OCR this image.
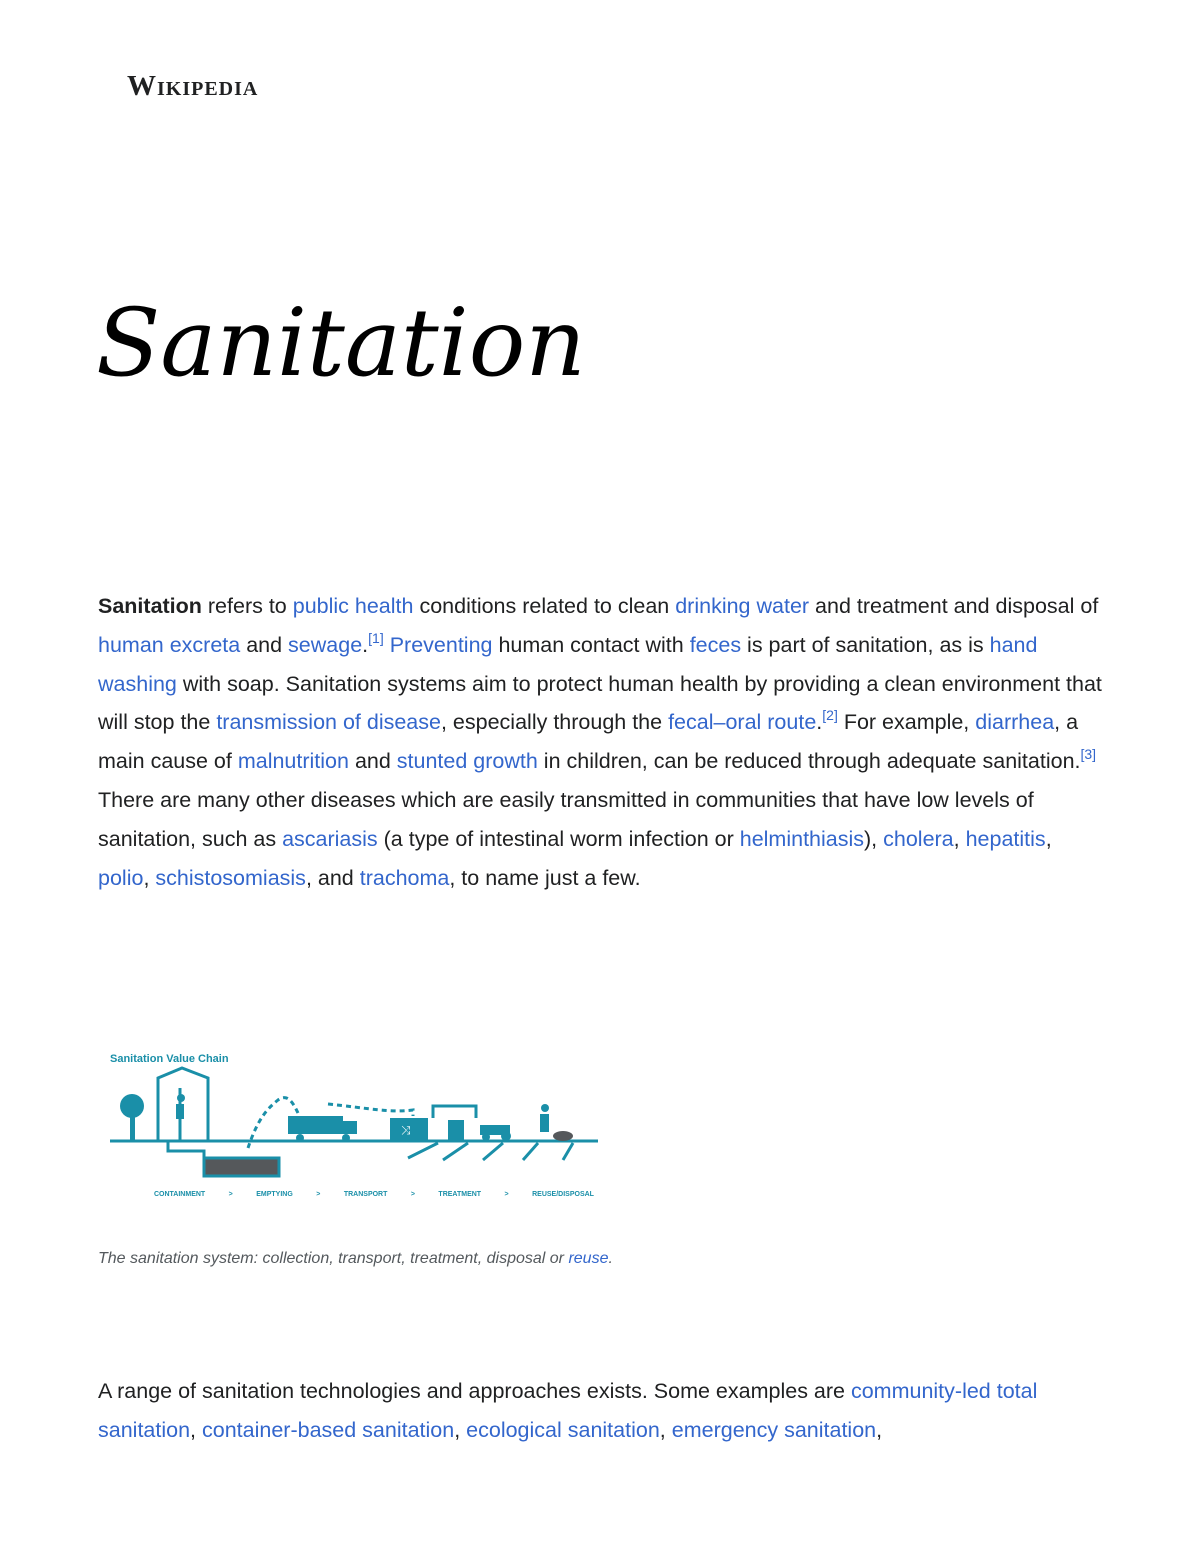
Wikipedia
Sanitation

Sanitation refers to public health conditions related to clean drinking water and treatment and disposal of human excreta and sewage.[1] Preventing human contact with feces is part of sanitation, as is hand washing with soap. Sanitation systems aim to protect human health by providing a clean environment that will stop the transmission of disease, especially through the fecal–oral route.[2] For example, diarrhea, a main cause of malnutrition and stunted growth in children, can be reduced through adequate sanitation.[3] There are many other diseases which are easily transmitted in communities that have low levels of sanitation, such as ascariasis (a type of intestinal worm infection or helminthiasis), cholera, hepatitis, polio, schistosomiasis, and trachoma, to name just a few.

Sanitation Value Chain
⤨
CONTAINMENT	>	EMPTYING	>	TRANSPORT	>	TREATMENT	>	REUSE/DISPOSAL
The sanitation system: collection, transport, treatment, disposal or reuse.

A range of sanitation technologies and approaches exists. Some examples are community-led total sanitation, container-based sanitation, ecological sanitation, emergency sanitation,
